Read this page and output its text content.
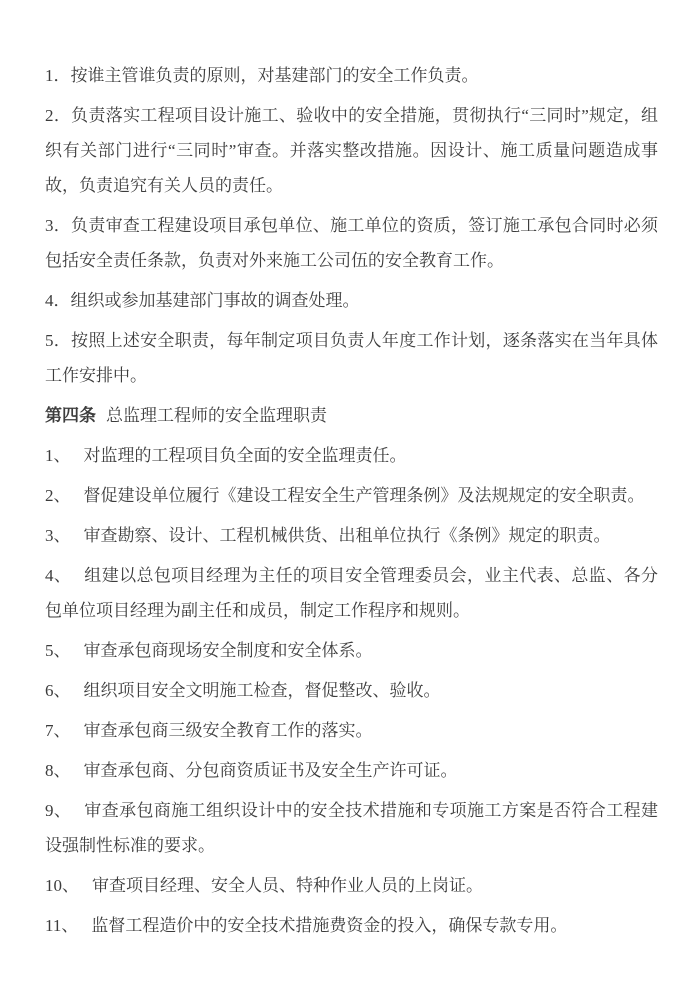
1．按谁主管谁负责的原则，对基建部门的安全工作负责。

2．负责落实工程项目设计施工、验收中的安全措施，贯彻执行“三同时”规定，组织有关部门进行“三同时”审查。并落实整改措施。因设计、施工质量问题造成事故，负责追究有关人员的责任。

3．负责审查工程建设项目承包单位、施工单位的资质，签订施工承包合同时必须包括安全责任条款，负责对外来施工公司伍的安全教育工作。

4．组织或参加基建部门事故的调查处理。

5．按照上述安全职责，每年制定项目负责人年度工作计划，逐条落实在当年具体工作安排中。

第四条 总监理工程师的安全监理职责

1、 对监理的工程项目负全面的安全监理责任。

2、 督促建设单位履行《建设工程安全生产管理条例》及法规规定的安全职责。

3、 审查勘察、设计、工程机械供货、出租单位执行《条例》规定的职责。

4、 组建以总包项目经理为主任的项目安全管理委员会，业主代表、总监、各分包单位项目经理为副主任和成员，制定工作程序和规则。

5、 审查承包商现场安全制度和安全体系。

6、 组织项目安全文明施工检查，督促整改、验收。

7、 审查承包商三级安全教育工作的落实。

8、 审查承包商、分包商资质证书及安全生产许可证。

9、 审查承包商施工组织设计中的安全技术措施和专项施工方案是否符合工程建设强制性标准的要求。

10、 审查项目经理、安全人员、特种作业人员的上岗证。

11、 监督工程造价中的安全技术措施费资金的投入，确保专款专用。
